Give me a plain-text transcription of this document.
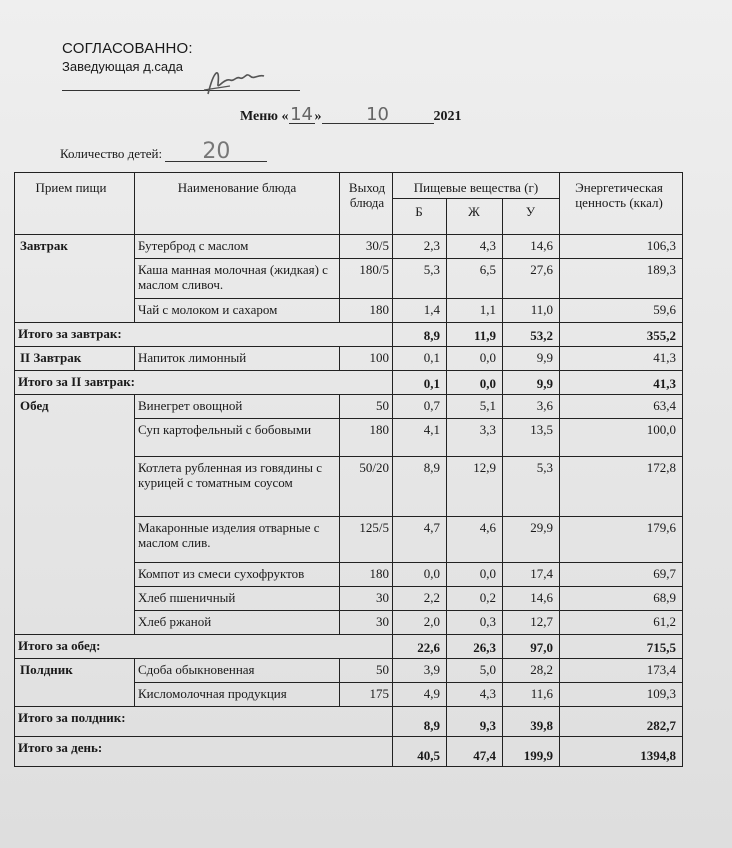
СОГЛАСОВАННО:
Заведующая д.сада
Меню «14 » 10	2021
Количество детей: 20
Прием пищи	Наименование блюда	Выход блюда
Пищевые вещества (г)
Б	Ж	У
Энергетическая ценность (ккал)
Завтрак	Бутерброд с маслом	30/5	2,3	4,3	14,6	106,3
Каша манная молочная (жидкая) с маслом сливоч.
180/5	5,3	6,5	27,6	189,3
Чай с молоком и сахаром	180	1,4	1,1	11,0	59,6
Итого за завтрак:	8,9	11,9	53,2	355,2
II Завтрак	Напиток лимонный	100	0,1	0,0	9,9	41,3
Итого за II завтрак:	0,1	0,0	9,9	41,3
Обед	Винегрет овощной	50	0,7	5,1	3,6	63,4
Суп картофельный с бобовыми	180	4,1	3,3	13,5	100,0
Котлета рубленная из говядины с курицей с томатным соусом
50/20	8,9	12,9	5,3	172,8
Макаронные изделия отварные с маслом слив.
125/5	4,7	4,6	29,9	179,6
Компот из смеси сухофруктов	180	0,0	0,0	17,4	69,7
Хлеб пшеничный	30	2,2	0,2	14,6	68,9
Хлеб ржаной	30	2,0	0,3	12,7	61,2
Итого за обед:	22,6	26,3	97,0	715,5
Полдник	Сдоба обыкновенная	50	3,9	5,0	28,2	173,4
Кисломолочная продукция	175	4,9	4,3	11,6	109,3
Итого за полдник:
8,9	9,3	39,8	282,7
Итого за день:
40,5	47,4	199,9	1394,8
